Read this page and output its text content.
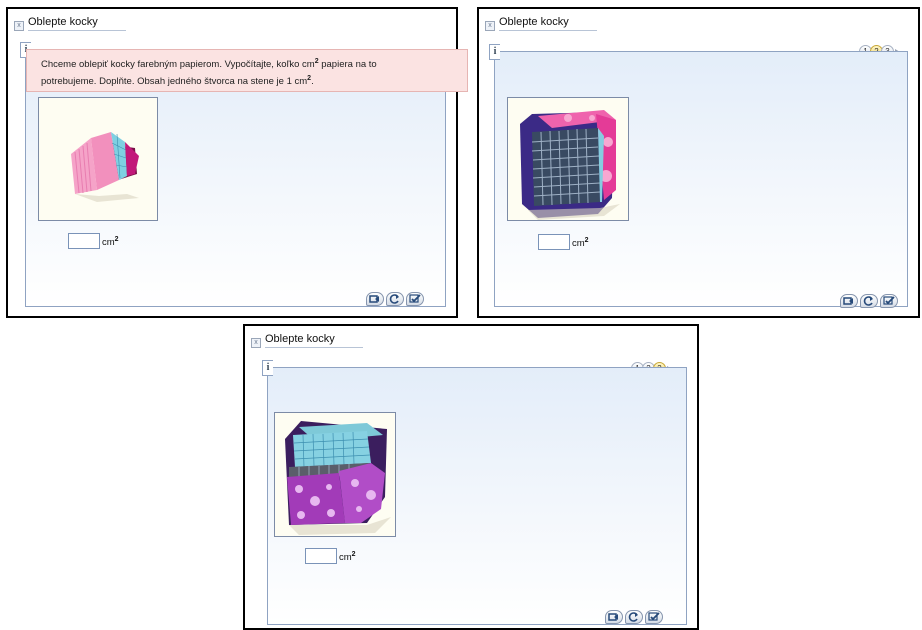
x Oblepte kocky
Chceme oblepiť kocky farebným papierom. Vypočítajte, koľko $cm^2$ papiera na to
potrebujeme. Doplňte. Obsah jedného štvorca na stene je 1 $cm^2$.
$cm^2$
x Oblepte kocky
i
$cm^2$
x Oblepte kocky
i
$cm^2$
